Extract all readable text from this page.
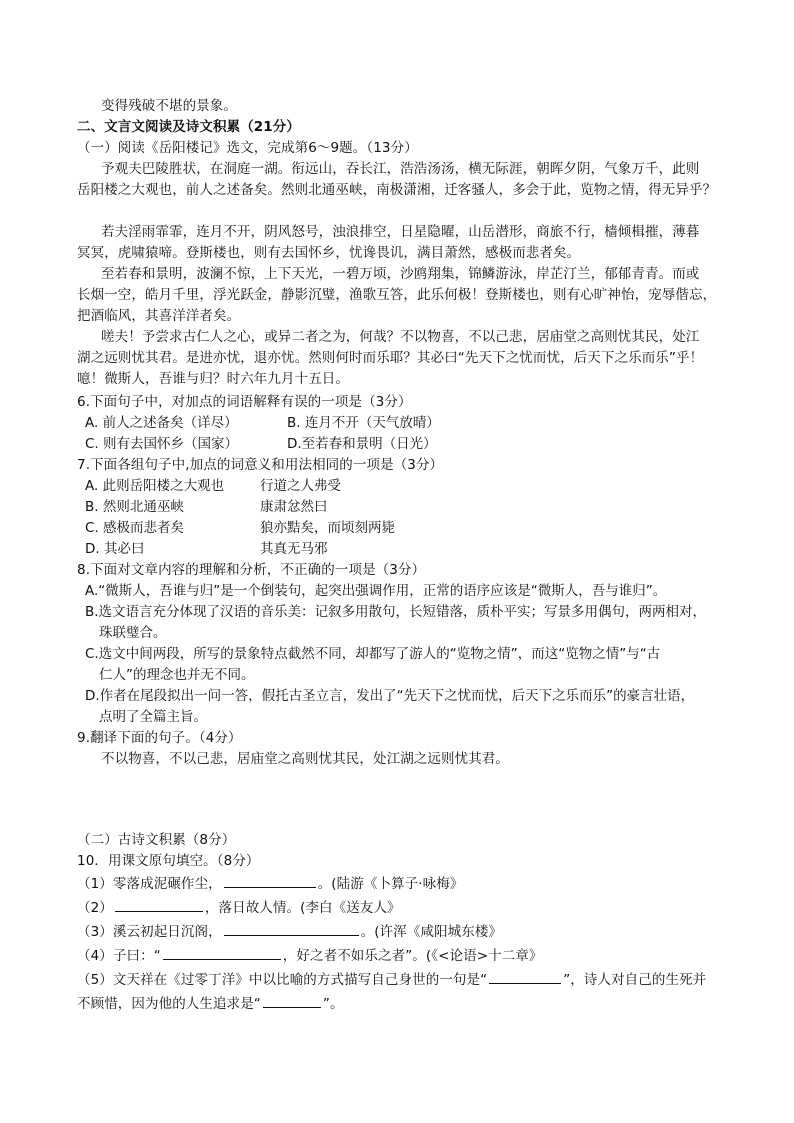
变得残破不堪的景象。
二、文言文阅读及诗文积累（21分）
（一）阅读《岳阳楼记》选文，完成第6～9题。（13分）
予观夫巴陵胜状，在洞庭一湖。衔远山，吞长江，浩浩汤汤，横无际涯，朝晖夕阴，气象万千，此则
岳阳楼之大观也，前人之述备矣。然则北通巫峡，南极潇湘，迁客骚人，多会于此，览物之情，得无异乎？
若夫淫雨霏霏，连月不开，阴风怒号，浊浪排空，日星隐曜，山岳潜形，商旅不行，樯倾楫摧，薄暮
冥冥，虎啸猿啼。登斯楼也，则有去国怀乡，忧谗畏讥，满目萧然，感极而悲者矣。
至若春和景明，波澜不惊，上下天光，一碧万顷，沙鸥翔集，锦鳞游泳，岸芷汀兰，郁郁青青。而或
长烟一空，皓月千里，浮光跃金，静影沉璧，渔歌互答，此乐何极！登斯楼也，则有心旷神怡，宠辱偕忘，
把酒临风，其喜洋洋者矣。
嗟夫！予尝求古仁人之心，或异二者之为，何哉？不以物喜，不以己悲，居庙堂之高则忧其民，处江
湖之远则忧其君。是进亦忧，退亦忧。然则何时而乐耶？其必曰“先天下之忧而忧，后天下之乐而乐”乎！
噫！微斯人，吾谁与归？时六年九月十五日。
6.下面句子中，对加点的词语解释有误的一项是（3分）
A. 前人之述备矣（详尽）	B. 连月不开（天气放晴）
C. 则有去国怀乡（国家）	D.至若春和景明（日光）
7.下面各组句子中,加点的词意义和用法相同的一项是（3分）
A. 此则岳阳楼之大观也	行道之人弗受
B. 然则北通巫峡	康肃忿然曰
C. 感极而悲者矣	狼亦黠矣，而顷刻两毙
D. 其必曰	其真无马邪
8.下面对文章内容的理解和分析，不正确的一项是（3分）
A.“微斯人，吾谁与归”是一个倒装句，起突出强调作用，正常的语序应该是“微斯人，吾与谁归”。
B.选文语言充分体现了汉语的音乐美：记叙多用散句，长短错落，质朴平实；写景多用偶句，两两相对，
珠联璧合。
C.选文中间两段，所写的景象特点截然不同，却都写了游人的“览物之情”，而这“览物之情”与“古
仁人”的理念也并无不同。
D.作者在尾段拟出一问一答，假托古圣立言，发出了“先天下之忧而忧，后天下之乐而乐”的豪言壮语，
点明了全篇主旨。
9.翻译下面的句子。（4分）
不以物喜，不以己悲，居庙堂之高则忧其民，处江湖之远则忧其君。
（二）古诗文积累（8分）
10．用课文原句填空。（8分）
（1）零落成泥碾作尘，	。(陆游《卜算子·咏梅》
（2）	，落日故人情。(李白《送友人》
（3）溪云初起日沉阁，	。(许浑《咸阳城东楼》
（4）子曰：“	，好之者不如乐之者”。(《<论语>十二章》
（5）文天祥在《过零丁洋》中以比喻的方式描写自己身世的一句是“	”，诗人对自己的生死并
不顾惜，因为他的人生追求是“	”。
